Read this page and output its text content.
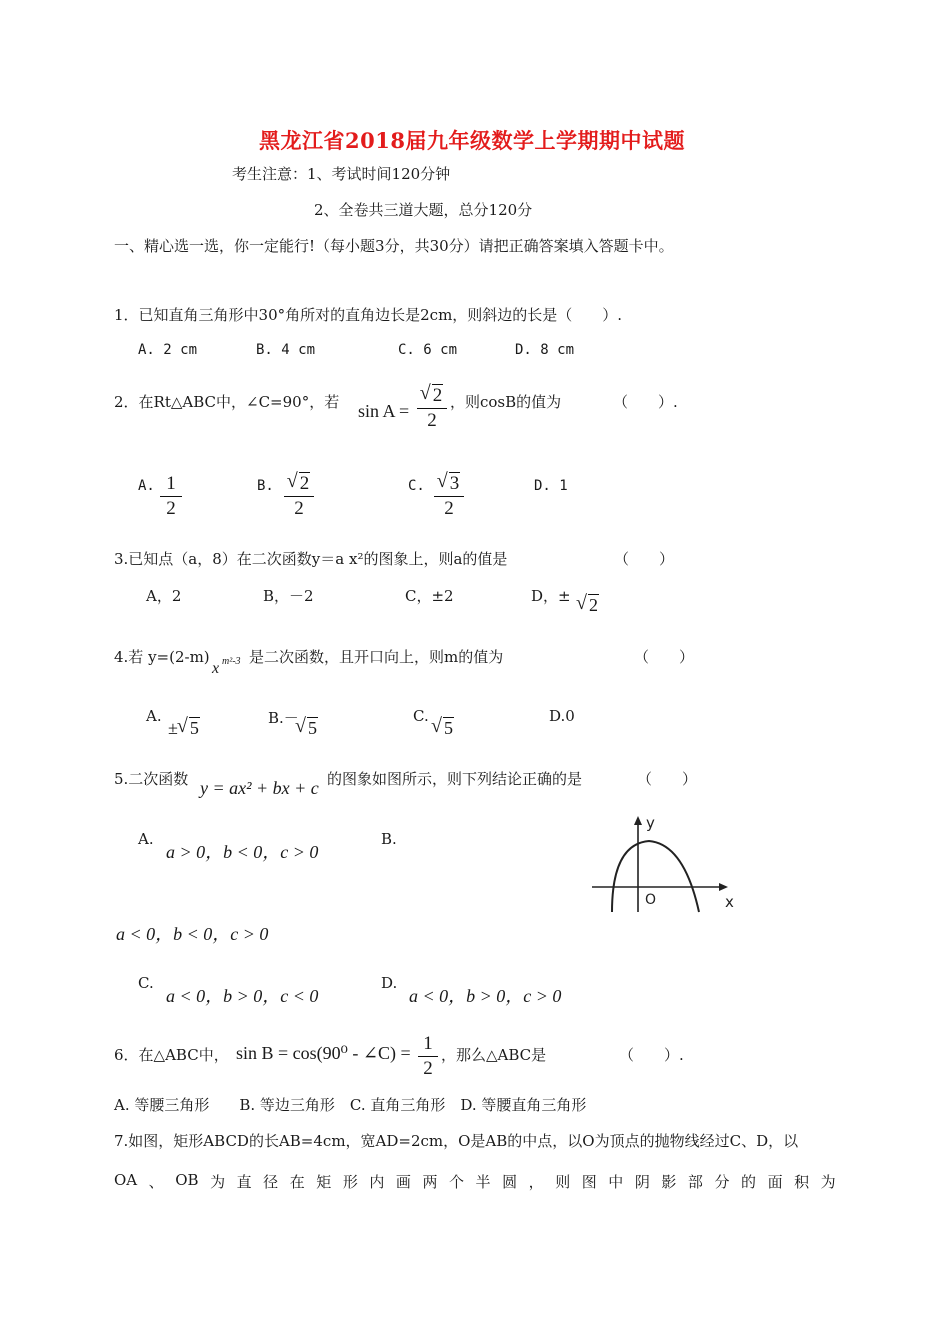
黑龙江省2018届九年级数学上学期期中试题
考生注意：1、考试时间120分钟
2、全卷共三道大题，总分120分
一、精心选一选，你一定能行!（每小题3分，共30分）请把正确答案填入答题卡中。
1．已知直角三角形中30°角所对的直角边长是2cm，则斜边的长是（　　）.
A. 2 cm	B. 4 cm	C. 6 cm	D. 8 cm
2．在Rt△ABC中，∠C=90°，若 sin A =
√ 2
2
，则cosB的值为	（　　）.
A. 1
2
B.	√ 2
2
C.	√ 3
2
D. 1
3.已知点（a，8）在二次函数y＝a x²的图象上，则a的值是	（　　）
A，2	B，－2	C，±2	D，±	√ 2
4.若 y=(2-m)
x m²-3 是二次函数，且开口向上，则m的值为	（　　）
A.
± √ 5	B.－ √ 5
C.
√ 5
D.0
5.二次函数 y = ax² + bx + c 的图象如图所示，则下列结论正确的是	（　　）
A.
a > 0，b < 0，c > 0
B.
a < 0，b < 0，c > 0
C.
a < 0，b > 0，c < 0
D.
a < 0，b > 0，c > 0
y
x
O
6．在△ABC中， sin B = cos(90⁰ - ∠C) = 1
2
，那么△ABC是	（　　）.
A. 等腰三角形　　B. 等边三角形　C. 直角三角形　D. 等腰直角三角形
7.如图，矩形ABCD的长AB=4cm，宽AD=2cm，O是AB的中点，以O为顶点的抛物线经过C、D，以
OA 、 OB 为 直 径 在 矩 形 内 画 两 个 半 圆 ， 则 图 中 阴 影 部 分 的 面 积 为
